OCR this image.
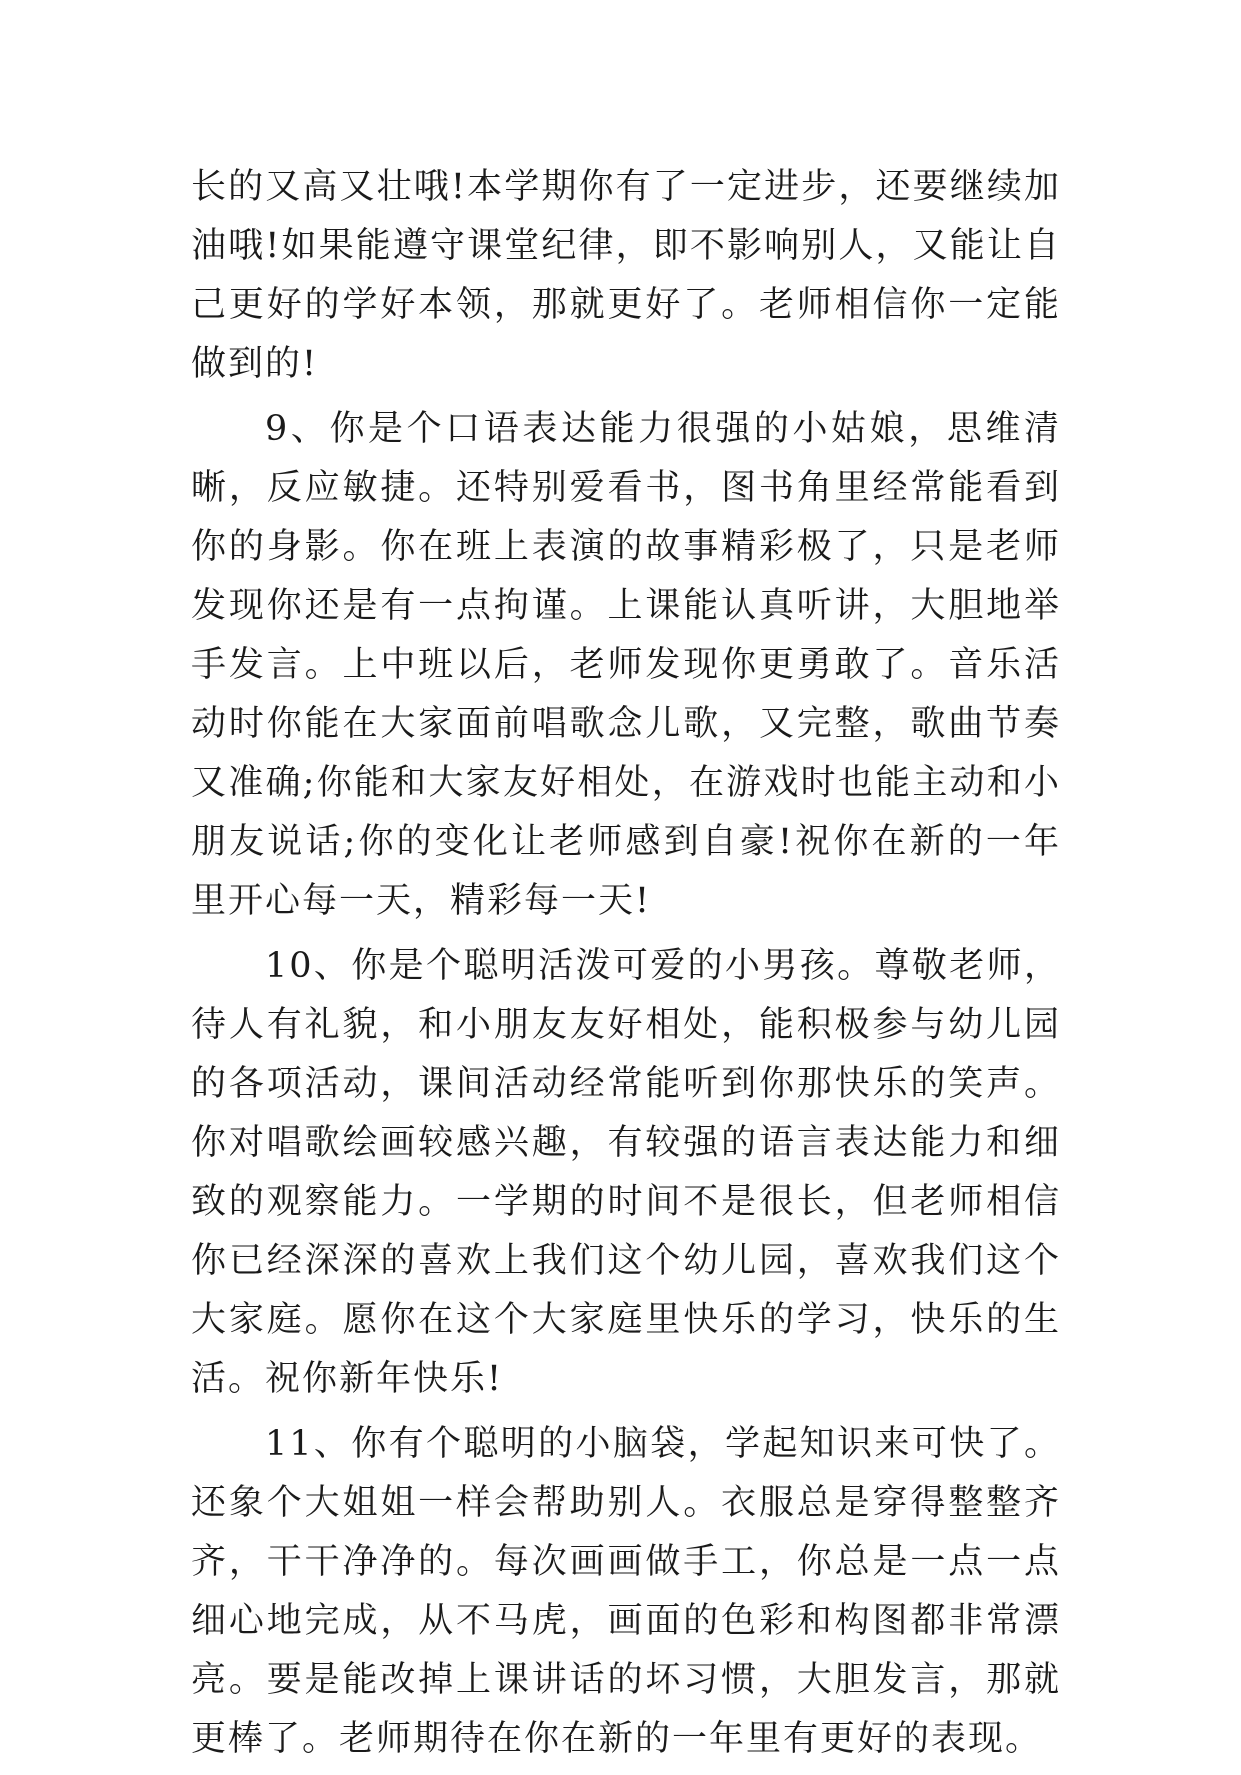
长的又高又壮哦!本学期你有了一定进步，还要继续加油哦!如果能遵守课堂纪律，即不影响别人，又能让自己更好的学好本领，那就更好了。老师相信你一定能做到的!

9、你是个口语表达能力很强的小姑娘，思维清晰，反应敏捷。还特别爱看书，图书角里经常能看到你的身影。你在班上表演的故事精彩极了，只是老师发现你还是有一点拘谨。上课能认真听讲，大胆地举手发言。上中班以后，老师发现你更勇敢了。音乐活动时你能在大家面前唱歌念儿歌，又完整，歌曲节奏又准确;你能和大家友好相处，在游戏时也能主动和小朋友说话;你的变化让老师感到自豪!祝你在新的一年里开心每一天，精彩每一天!

10、你是个聪明活泼可爱的小男孩。尊敬老师，待人有礼貌，和小朋友友好相处，能积极参与幼儿园的各项活动，课间活动经常能听到你那快乐的笑声。你对唱歌绘画较感兴趣，有较强的语言表达能力和细致的观察能力。一学期的时间不是很长，但老师相信你已经深深的喜欢上我们这个幼儿园，喜欢我们这个大家庭。愿你在这个大家庭里快乐的学习，快乐的生活。祝你新年快乐!

11、你有个聪明的小脑袋，学起知识来可快了。还象个大姐姐一样会帮助别人。衣服总是穿得整整齐齐，干干净净的。每次画画做手工，你总是一点一点细心地完成，从不马虎，画面的色彩和构图都非常漂亮。要是能改掉上课讲话的坏习惯，大胆发言，那就更棒了。老师期待在你在新的一年里有更好的表现。
